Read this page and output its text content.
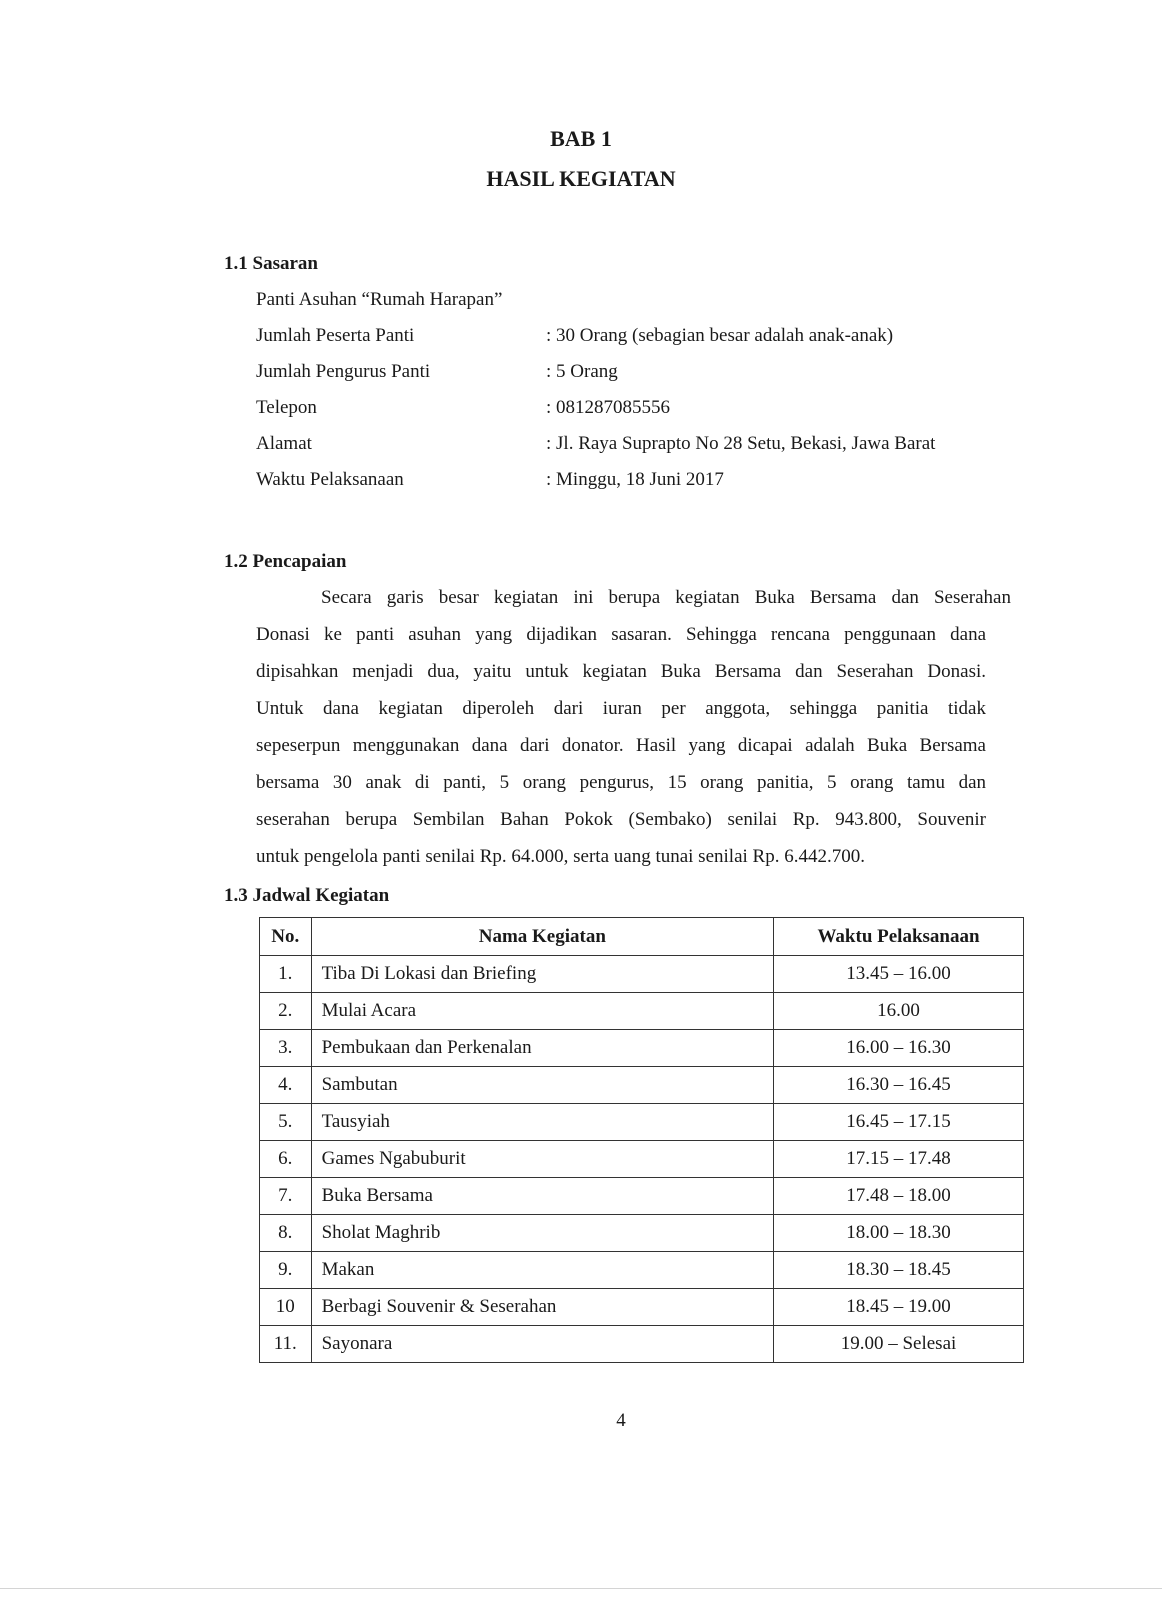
BAB 1
HASIL KEGIATAN
1.1 Sasaran
Panti Asuhan “Rumah Harapan”
Jumlah Peserta Panti	: 30 Orang (sebagian besar adalah anak-anak)
Jumlah Pengurus Panti	: 5 Orang
Telepon	: 081287085556
Alamat	: Jl. Raya Suprapto No 28 Setu, Bekasi, Jawa Barat
Waktu Pelaksanaan	: Minggu, 18 Juni 2017
1.2 Pencapaian
Secara garis besar kegiatan ini berupa kegiatan Buka Bersama dan Seserahan
Donasi ke panti asuhan yang dijadikan sasaran. Sehingga rencana penggunaan dana
dipisahkan menjadi dua, yaitu untuk kegiatan Buka Bersama dan Seserahan Donasi.
Untuk dana kegiatan diperoleh dari iuran per anggota, sehingga panitia tidak
sepeserpun menggunakan dana dari donator. Hasil yang dicapai adalah Buka Bersama
bersama 30 anak di panti, 5 orang pengurus, 15 orang panitia, 5 orang tamu dan
seserahan berupa Sembilan Bahan Pokok (Sembako) senilai Rp. 943.800, Souvenir
untuk pengelola panti senilai Rp. 64.000, serta uang tunai senilai Rp. 6.442.700.
1.3 Jadwal Kegiatan
No.	Nama Kegiatan	Waktu Pelaksanaan
1.	Tiba Di Lokasi dan Briefing	13.45 – 16.00
2.	Mulai Acara	16.00
3.	Pembukaan dan Perkenalan	16.00 – 16.30
4.	Sambutan	16.30 – 16.45
5.	Tausyiah	16.45 – 17.15
6.	Games Ngabuburit	17.15 – 17.48
7.	Buka Bersama	17.48 – 18.00
8.	Sholat Maghrib	18.00 – 18.30
9.	Makan	18.30 – 18.45
10	Berbagi Souvenir & Seserahan	18.45 – 19.00
11.	Sayonara	19.00 – Selesai
4
